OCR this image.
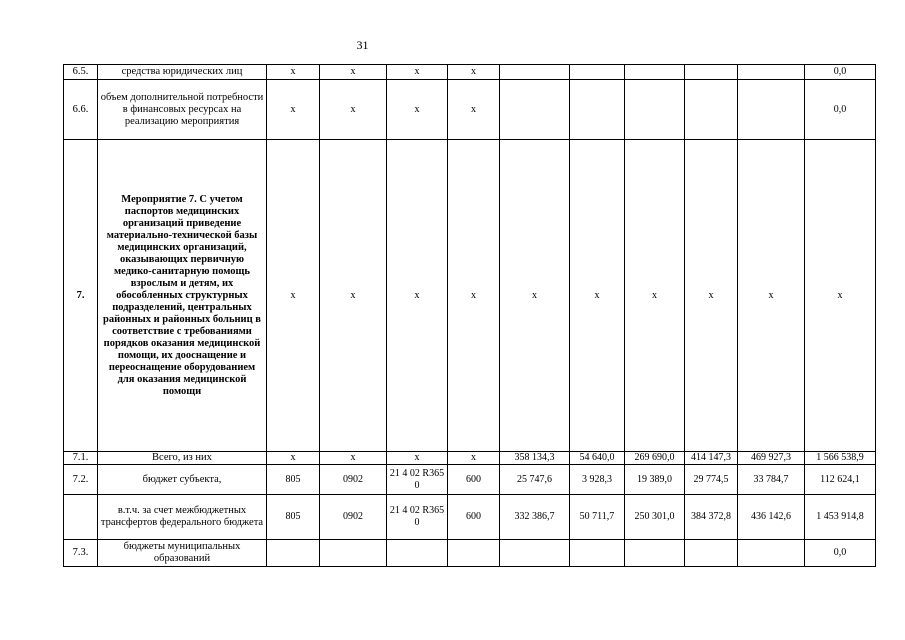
31
6.5.	средства юридических лиц	x	x	x	x						0,0
6.6.	объем дополнительной потребности в финансовых ресурсах на реализацию мероприятия	x	x	x	x						0,0
7.	Мероприятие 7. С учетом паспортов медицинских организаций приведение материально-технической базы медицинских организаций, оказывающих первичную медико-санитарную помощь взрослым и детям, их обособленных структурных подразделений, центральных районных и районных больниц в соответствие с требованиями порядков оказания медицинской помощи, их дооснащение и переоснащение оборудованием для оказания медицинской помощи	x	x	x	x	x	x	x	x	x	x
7.1.	Всего, из них	x	x	x	x	358 134,3	54 640,0	269 690,0	414 147,3	469 927,3	1 566 538,9
7.2.	бюджет субъекта,	805	0902	21 4 02 R365 0	600	25 747,6	3 928,3	19 389,0	29 774,5	33 784,7	112 624,1
	в.т.ч. за счет межбюджетных трансфертов федерального бюджета	805	0902	21 4 02 R365 0	600	332 386,7	50 711,7	250 301,0	384 372,8	436 142,6	1 453 914,8
7.3.	бюджеты муниципальных образований										0,0
